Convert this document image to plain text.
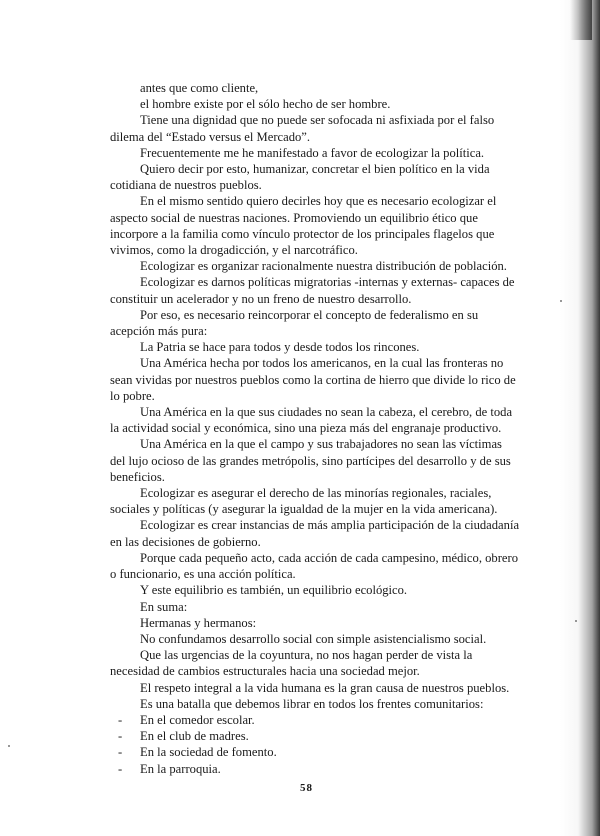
antes que como cliente,

el hombre existe por el sólo hecho de ser hombre.

Tiene una dignidad que no puede ser sofocada ni asfixiada por el falso dilema del “Estado versus el Mercado”.

Frecuentemente me he manifestado a favor de ecologizar la política.

Quiero decir por esto, humanizar, concretar el bien político en la vida cotidiana de nuestros pueblos.

En el mismo sentido quiero decirles hoy que es necesario ecologizar el aspecto social de nuestras naciones. Promoviendo un equilibrio ético que incorpore a la familia como vínculo protector de los principales flagelos que vivimos, como la drogadicción, y el narcotráfico.

Ecologizar es organizar racionalmente nuestra distribución de población.

Ecologizar es darnos políticas migratorias -internas y externas- capaces de constituir un acelerador y no un freno de nuestro desarrollo.

Por eso, es necesario reincorporar el concepto de federalismo en su acepción más pura:

La Patria se hace para todos y desde todos los rincones.

Una América hecha por todos los americanos, en la cual las fronteras no sean vividas por nuestros pueblos como la cortina de hierro que divide lo rico de lo pobre.

Una América en la que sus ciudades no sean la cabeza, el cerebro, de toda la actividad social y económica, sino una pieza más del engranaje productivo.

Una América en la que el campo y sus trabajadores no sean las víctimas del lujo ocioso de las grandes metrópolis, sino partícipes del desarrollo y de sus beneficios.

Ecologizar es asegurar el derecho de las minorías regionales, raciales, sociales y políticas (y asegurar la igualdad de la mujer en la vida americana).

Ecologizar es crear instancias de más amplia participación de la ciudadanía en las decisiones de gobierno.

Porque cada pequeño acto, cada acción de cada campesino, médico, obrero o funcionario, es una acción política.

Y este equilibrio es también, un equilibrio ecológico.

En suma:

Hermanas y hermanos:

No confundamos desarrollo social con simple asistencialismo social.

Que las urgencias de la coyuntura, no nos hagan perder de vista la necesidad de cambios estructurales hacia una sociedad mejor.

El respeto integral a la vida humana es la gran causa de nuestros pueblos.

Es una batalla que debemos librar en todos los frentes comunitarios:

- En el comedor escolar.
- En el club de madres.
- En la sociedad de fomento.
- En la parroquia.
58
